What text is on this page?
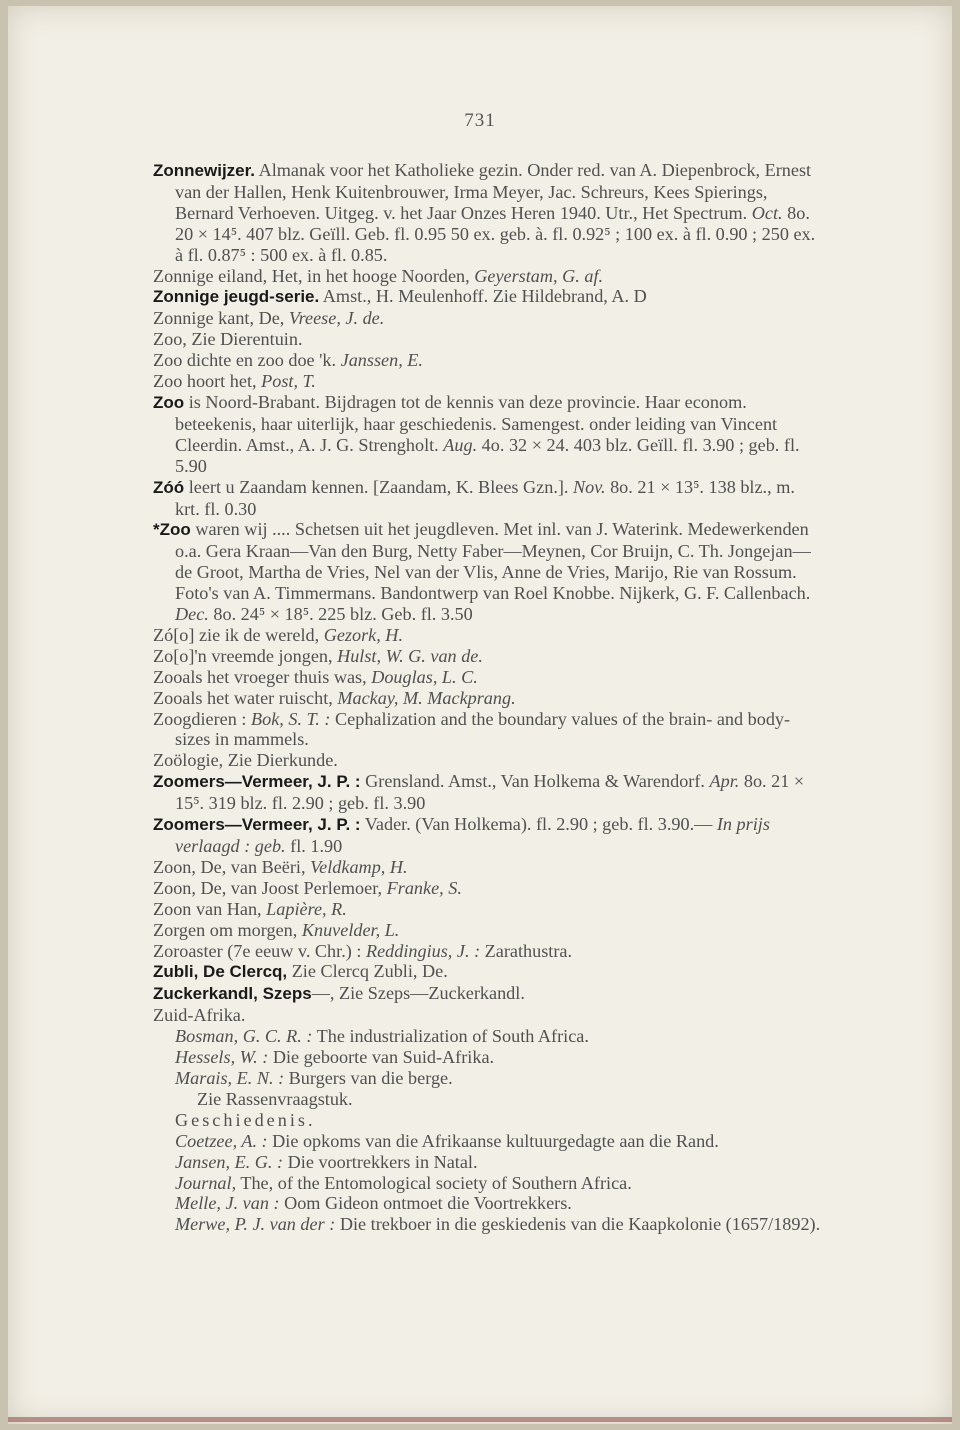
731

Zonnewijzer. Almanak voor het Katholieke gezin. Onder red. van A. Diepenbrock, Ernest van der Hallen, Henk Kuitenbrouwer, Irma Meyer, Jac. Schreurs, Kees Spierings, Bernard Verhoeven. Uitgeg. v. het Jaar Onzes Heren 1940. Utr., Het Spectrum. Oct. 8o. 20 × 14⁵. 407 blz. Geïll. Geb. fl. 0.95 50 ex. geb. à. fl. 0.92⁵ ; 100 ex. à fl. 0.90 ; 250 ex. à fl. 0.87⁵ : 500 ex. à fl. 0.85.

Zonnige eiland, Het, in het hooge Noorden, Geyerstam, G. af.

Zonnige jeugd-serie. Amst., H. Meulenhoff. Zie Hildebrand, A. D

Zonnige kant, De, Vreese, J. de.

Zoo, Zie Dierentuin.

Zoo dichte en zoo doe 'k. Janssen, E.

Zoo hoort het, Post, T.

Zoo is Noord-Brabant. Bijdragen tot de kennis van deze provincie. Haar econom. beteekenis, haar uiterlijk, haar geschiedenis. Samengest. onder leiding van Vincent Cleerdin. Amst., A. J. G. Strengholt. Aug. 4o. 32 × 24. 403 blz. Geïll. fl. 3.90 ; geb. fl. 5.90

Zóó leert u Zaandam kennen. [Zaandam, K. Blees Gzn.]. Nov. 8o. 21 × 13⁵. 138 blz., m. krt. fl. 0.30

*Zoo waren wij .... Schetsen uit het jeugdleven. Met inl. van J. Waterink. Medewerkenden o.a. Gera Kraan—Van den Burg, Netty Faber—Meynen, Cor Bruijn, C. Th. Jongejan—de Groot, Martha de Vries, Nel van der Vlis, Anne de Vries, Marijo, Rie van Rossum. Foto's van A. Timmermans. Bandontwerp van Roel Knobbe. Nijkerk, G. F. Callenbach. Dec. 8o. 24⁵ × 18⁵. 225 blz. Geb. fl. 3.50

Zó[o] zie ik de wereld, Gezork, H.

Zo[o]'n vreemde jongen, Hulst, W. G. van de.

Zooals het vroeger thuis was, Douglas, L. C.

Zooals het water ruischt, Mackay, M. Mackprang.

Zoogdieren : Bok, S. T. : Cephalization and the boundary values of the brain- and body-sizes in mammels.

Zoölogie, Zie Dierkunde.

Zoomers—Vermeer, J. P. : Grensland. Amst., Van Holkema & Warendorf. Apr. 8o. 21 × 15⁵. 319 blz. fl. 2.90 ; geb. fl. 3.90

Zoomers—Vermeer, J. P. : Vader. (Van Holkema). fl. 2.90 ; geb. fl. 3.90.— In prijs verlaagd : geb. fl. 1.90

Zoon, De, van Beëri, Veldkamp, H.

Zoon, De, van Joost Perlemoer, Franke, S.

Zoon van Han, Lapière, R.

Zorgen om morgen, Knuvelder, L.

Zoroaster (7e eeuw v. Chr.) : Reddingius, J. : Zarathustra.

Zubli, De Clercq, Zie Clercq Zubli, De.

Zuckerkandl, Szeps—, Zie Szeps—Zuckerkandl.

Zuid-Afrika.

Bosman, G. C. R. : The industrialization of South Africa.

Hessels, W. : Die geboorte van Suid-Afrika.

Marais, E. N. : Burgers van die berge.

Zie Rassenvraagstuk.

Geschiedenis.

Coetzee, A. : Die opkoms van die Afrikaanse kultuurgedagte aan die Rand.

Jansen, E. G. : Die voortrekkers in Natal.

Journal, The, of the Entomological society of Southern Africa.

Melle, J. van : Oom Gideon ontmoet die Voortrekkers.

Merwe, P. J. van der : Die trekboer in die geskiedenis van die Kaapkolonie (1657/1892).
